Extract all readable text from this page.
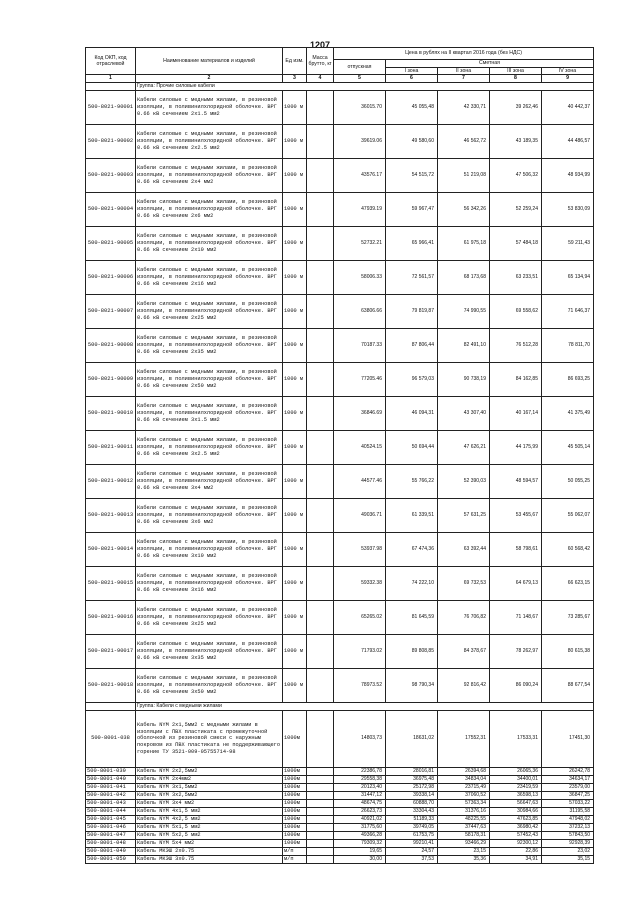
1207
Код ОКП, код отраслевой	Наименование материалов и изделий	Ед изм.	Масса брутто, кг	Цена в рублях на II квартал 2016 года (без НДС)				
				отпускная	Сметная			
					I зона	II зона	III зона	IV зона
1	2	3	4	5	6	7	8	9
	Группа: Прочие силовые кабели							
500-8021-90001	Кабели силовые с медными жилами, в резиновой изоляции, в поливинилхлоридной оболочке. ВРГ 0.66 кВ сечением 2х1.5 мм2	1000 м		36015.70	45 055,48	42 330,71	39 262,46	40 442,37
500-8021-90002	Кабели силовые с медными жилами, в резиновой изоляции, в поливинилхлоридной оболочке. ВРГ 0.66 кВ сечением 2х2.5 мм2	1000 м		39619.06	49 580,60	46 562,72	43 189,35	44 486,57
500-8021-90003	Кабели силовые с медными жилами, в резиновой изоляции, в поливинилхлоридной оболочке. ВРГ 0.66 кВ сечением 2х4 мм2	1000 м		43576.17	54 515,72	51 219,08	47 506,32	48 934,99
500-8021-90004	Кабели силовые с медными жилами, в резиновой изоляции, в поливинилхлоридной оболочке. ВРГ 0.66 кВ сечением 2х6 мм2	1000 м		47939.19	59 967,47	56 342,26	52 259,24	53 830,09
500-8021-90005	Кабели силовые с медными жилами, в резиновой изоляции, в поливинилхлоридной оболочке. ВРГ 0.66 кВ сечением 2х10 мм2	1000 м		52732.21	65 966,41	61 975,18	57 484,18	59 211,43
500-8021-90006	Кабели силовые с медными жилами, в резиновой изоляции, в поливинилхлоридной оболочке. ВРГ 0.66 кВ сечением 2х16 мм2	1000 м		58006.33	72 561,57	68 173,68	63 233,51	65 134,94
500-8021-90007	Кабели силовые с медными жилами, в резиновой изоляции, в поливинилхлоридной оболочке. ВРГ 0.66 кВ сечением 2х25 мм2	1000 м		63806.66	79 819,87	74 990,55	69 558,62	71 646,37
500-8021-90008	Кабели силовые с медными жилами, в резиновой изоляции, в поливинилхлоридной оболочке. ВРГ 0.66 кВ сечением 2х35 мм2	1000 м		70187.33	87 806,44	82 491,10	76 512,28	78 811,70
500-8021-90009	Кабели силовые с медными жилами, в резиновой изоляции, в поливинилхлоридной оболочке. ВРГ 0.66 кВ сечением 2х50 мм2	1000 м		77205.46	96 579,03	90 738,19	84 162,85	86 693,25
500-8021-90010	Кабели силовые с медными жилами, в резиновой изоляции, в поливинилхлоридной оболочке. ВРГ 0.66 кВ сечением 3х1.5 мм2	1000 м		36846.69	46 094,31	43 307,40	40 167,14	41 375,49
500-8021-90011	Кабели силовые с медными жилами, в резиновой изоляции, в поливинилхлоридной оболочке. ВРГ 0.66 кВ сечением 3х2.5 мм2	1000 м		40524.15	50 694,44	47 626,21	44 175,99	45 505,14
500-8021-90012	Кабели силовые с медными жилами, в резиновой изоляции, в поливинилхлоридной оболочке. ВРГ 0.66 кВ сечением 3х4 мм2	1000 м		44577.46	55 766,22	52 390,03	48 594,57	50 055,25
500-8021-90013	Кабели силовые с медными жилами, в резиновой изоляции, в поливинилхлоридной оболочке. ВРГ 0.66 кВ сечением 3х6 мм2	1000 м		49036.71	61 339,51	57 631,25	53 455,67	55 062,07
500-8021-90014	Кабели силовые с медными жилами, в резиновой изоляции, в поливинилхлоридной оболочке. ВРГ 0.66 кВ сечением 3х10 мм2	1000 м		53937.98	67 474,36	63 392,44	58 798,61	60 568,42
500-8021-90015	Кабели силовые с медными жилами, в резиновой изоляции, в поливинилхлоридной оболочке. ВРГ 0.66 кВ сечением 3х16 мм2	1000 м		59332.38	74 222,10	69 732,53	64 679,13	66 623,15
500-8021-90016	Кабели силовые с медными жилами, в резиновой изоляции, в поливинилхлоридной оболочке. ВРГ 0.66 кВ сечением 3х25 мм2	1000 м		65265.02	81 645,59	76 706,82	71 148,67	73 285,67
500-8021-90017	Кабели силовые с медными жилами, в резиновой изоляции, в поливинилхлоридной оболочке. ВРГ 0.66 кВ сечением 3х35 мм2	1000 м		71793.02	89 808,85	84 378,67	78 262,97	80 615,38
500-8021-90018	Кабели силовые с медными жилами, в резиновой изоляции, в поливинилхлоридной оболочке. ВРГ 0.66 кВ сечением 3х50 мм2	1000 м		78973.52	98 790,34	92 816,42	86 090,24	88 677,54
	Группа: Кабели с медными жилами							
500-8001-038	Кабель NYM 2х1,5мм2 с медными жилами в изоляции с ПВХ пластиката с промежуточной оболочкой из резиновой смеси с наружным покровом из ПВХ пластиката не поддерживающего горение ТУ 3521-009-05755714-98	1000м		14803,73	18631,02	17552,31	17533,31	17451,30
500-8001-039	Кабель NYM 2х2,5мм2	1000м		22386,78	28016,81	26394,68	26065,36	26242,78
500-8001-040	Кабель NYM 2х4мм2	1000м		29558,38	36975,48	34834,04	34400,01	34634,17
500-8001-041	Кабель NYM 3х1,5мм2	1000м		20123,40	25172,98	23715,49	23419,59	23579,00
500-8001-042	Кабель NYM 3х2,5мм2	1000м		31447,12	39338,14	37060,52	36598,13	36847,25
500-8001-043	Кабель NYM 3х4 мм2	1000м		48674,75	60888,70	57363,34	56647,63	57033,22
500-8001-044	Кабель NYM 4х1,5 мм2	1000м		26623,73	33304,43	31376,16	30984,66	31195,58
500-8001-045	Кабель NYM 4х2,5 мм2	1000м		40921,02	51189,33	48225,55	47623,85	47948,02
500-8001-046	Кабель NYM 5х1,5 мм2	1000м		31775,60	39749,05	37447,63	36980,42	37232,13
500-8001-047	Кабель NYM 5х2,5 мм2	1000м		49366,28	61753,75	58178,31	57452,43	57843,50
500-8001-048	Кабель NYM 5х4 мм2	1000м		79309,32	99210,41	93466,29	92300,12	92928,39
500-8001-049	Кабель МКЭШ 2х0.75	м/п		19,65	24,57	23,15	22,86	23,02
500-8001-050	Кабель МКЭШ 3х0.75	м/п		30,00	37,53	35,36	34,91	35,15
